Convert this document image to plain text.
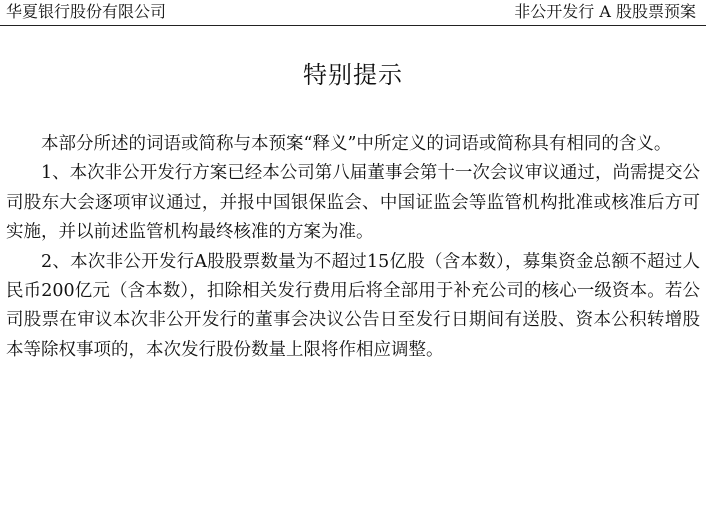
华夏银行股份有限公司	非公开发行 A 股股票预案
特别提示

本部分所述的词语或简称与本预案“释义”中所定义的词语或简称具有相同的含义。

1、本次非公开发行方案已经本公司第八届董事会第十一次会议审议通过，尚需提交公司股东大会逐项审议通过，并报中国银保监会、中国证监会等监管机构批准或核准后方可实施，并以前述监管机构最终核准的方案为准。

2、本次非公开发行A股股票数量为不超过15亿股（含本数），募集资金总额不超过人民币200亿元（含本数），扣除相关发行费用后将全部用于补充公司的核心一级资本。若公司股票在审议本次非公开发行的董事会决议公告日至发行日期间有送股、资本公积转增股本等除权事项的，本次发行股份数量上限将作相应调整。
